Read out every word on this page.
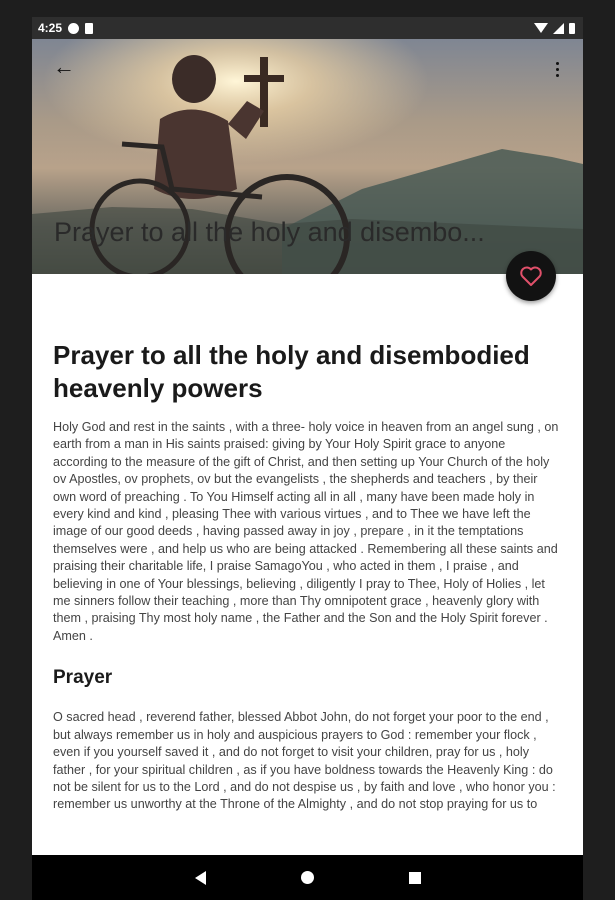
4:25
←
Prayer to all the holy and disembo...
Prayer to all the holy and disembodied heavenly powers

Holy God and rest in the saints , with a three- holy voice in heaven from an angel sung , on earth from a man in His saints praised: giving by Your Holy Spirit grace to anyone according to the measure of the gift of Christ, and then setting up Your Church of the holy ov Apostles, ov prophets, ov but the evangelists , the shepherds and teachers , by their own word of preaching . To You Himself acting all in all , many have been made holy in every kind and kind , pleasing Thee with various virtues , and to Thee we have left the image of our good deeds , having passed away in joy , prepare , in it the temptations themselves were , and help us who are being attacked . Remembering all these saints and praising their charitable life, I praise SamagoYou , who acted in them , I praise , and believing in one of Your blessings, believing , diligently I pray to Thee, Holy of Holies , let me sinners follow their teaching , more than Thy omnipotent grace , heavenly glory with them , praising Thy most holy name , the Father and the Son and the Holy Spirit forever . Amen .

Prayer

O sacred head , reverend father, blessed Abbot John, do not forget your poor to the end , but always remember us in holy and auspicious prayers to God : remember your flock , even if you yourself saved it , and do not forget to visit your children, pray for us , holy father , for your spiritual children , as if you have boldness towards the Heavenly King : do not be silent for us to the Lord , and do not despise us , by faith and love , who honor you : remember us unworthy at the Throne of the Almighty , and do not stop praying for us to
